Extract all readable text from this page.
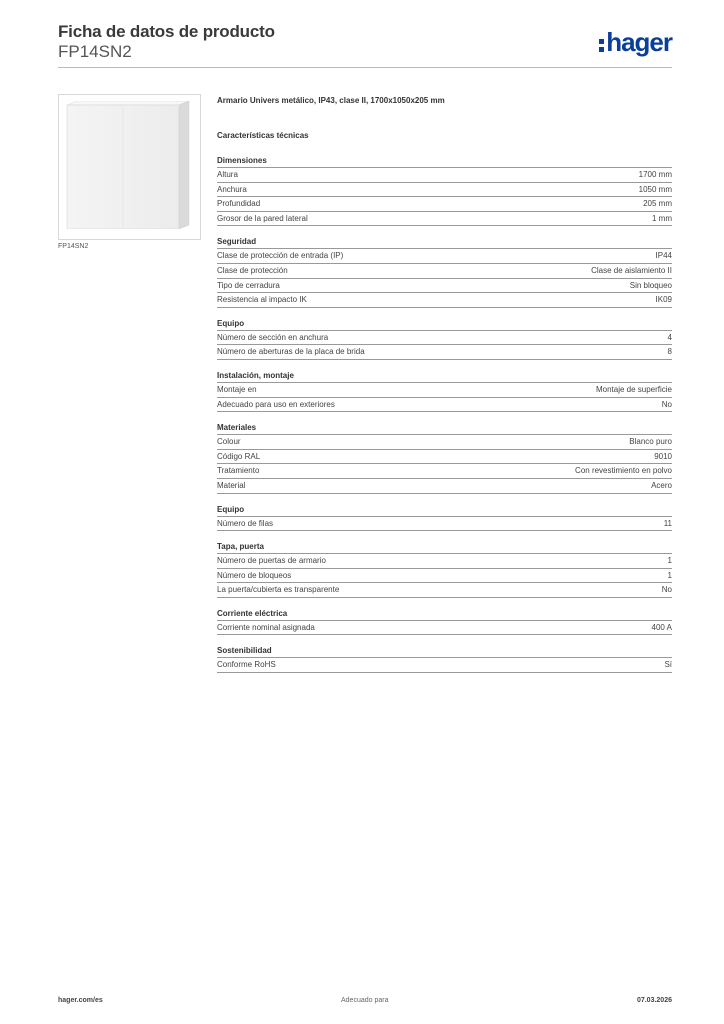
Ficha de datos de producto
FP14SN2	hager
FP14SN2
Armario Univers metálico, IP43, clase II, 1700x1050x205 mm
Características técnicas
Dimensiones
Altura	1700 mm
Anchura	1050 mm
Profundidad	205 mm
Grosor de la pared lateral	1 mm
Seguridad
Clase de protección de entrada (IP)	IP44
Clase de protección	Clase de aislamiento II
Tipo de cerradura	Sin bloqueo
Resistencia al impacto IK	IK09
Equipo
Número de sección en anchura	4
Número de aberturas de la placa de brida	8
Instalación, montaje
Montaje en	Montaje de superficie
Adecuado para uso en exteriores	No
Materiales
Colour	Blanco puro
Código RAL	9010
Tratamiento	Con revestimiento en polvo
Material	Acero
Equipo
Número de filas	11
Tapa, puerta
Número de puertas de armario	1
Número de bloqueos	1
La puerta/cubierta es transparente	No
Corriente eléctrica
Corriente nominal asignada	400 A
Sostenibilidad
Conforme RoHS	Sí
hager.com/es	Adecuado para	07.03.2026
